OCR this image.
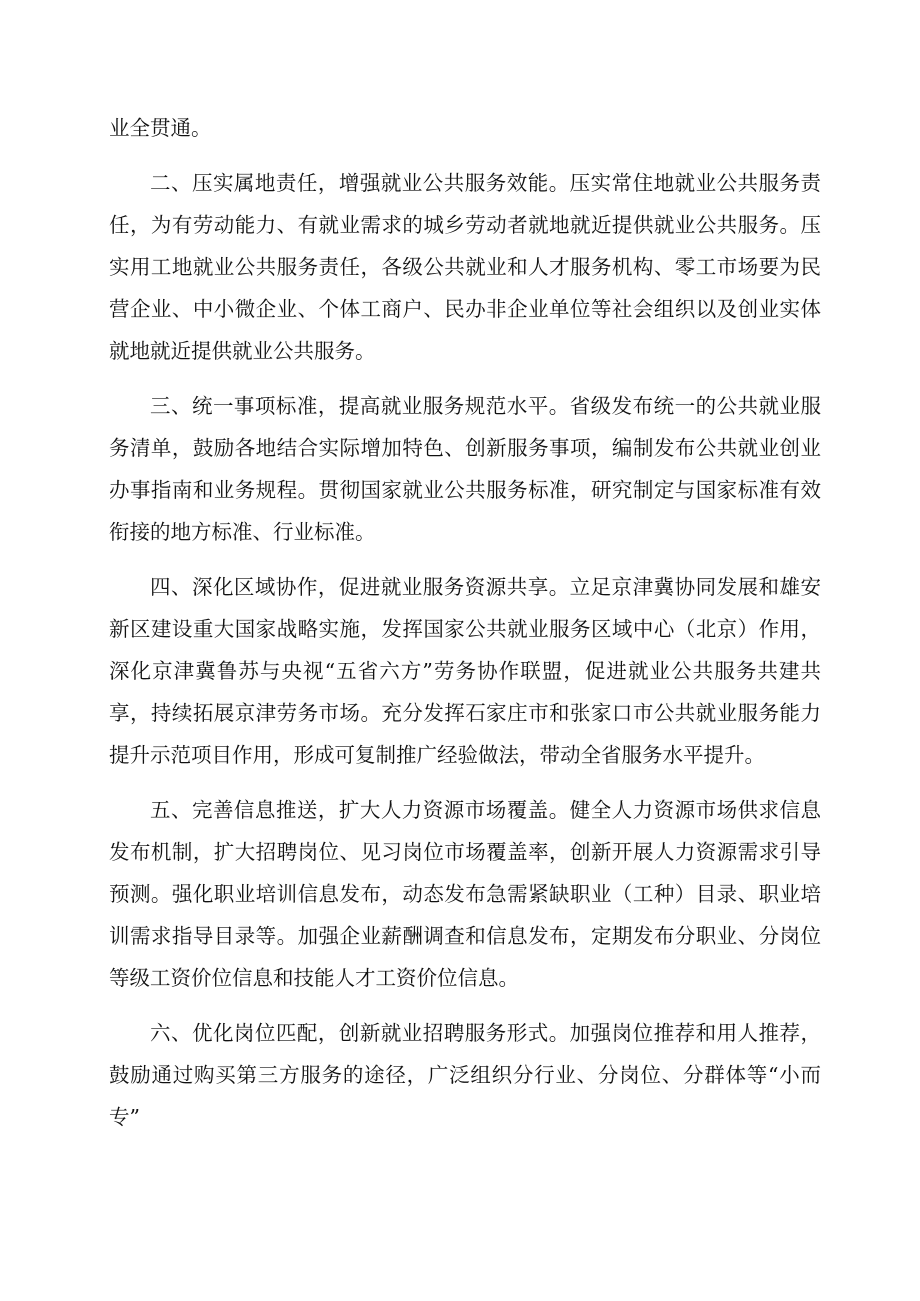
业全贯通。

二、压实属地责任，增强就业公共服务效能。压实常住地就业公共服务责任，为有劳动能力、有就业需求的城乡劳动者就地就近提供就业公共服务。压实用工地就业公共服务责任，各级公共就业和人才服务机构、零工市场要为民营企业、中小微企业、个体工商户、民办非企业单位等社会组织以及创业实体就地就近提供就业公共服务。

三、统一事项标准，提高就业服务规范水平。省级发布统一的公共就业服务清单，鼓励各地结合实际增加特色、创新服务事项，编制发布公共就业创业办事指南和业务规程。贯彻国家就业公共服务标准，研究制定与国家标准有效衔接的地方标准、行业标准。

四、深化区域协作，促进就业服务资源共享。立足京津冀协同发展和雄安新区建设重大国家战略实施，发挥国家公共就业服务区域中心（北京）作用，深化京津冀鲁苏与央视“五省六方”劳务协作联盟，促进就业公共服务共建共享，持续拓展京津劳务市场。充分发挥石家庄市和张家口市公共就业服务能力提升示范项目作用，形成可复制推广经验做法，带动全省服务水平提升。

五、完善信息推送，扩大人力资源市场覆盖。健全人力资源市场供求信息发布机制，扩大招聘岗位、见习岗位市场覆盖率，创新开展人力资源需求引导预测。强化职业培训信息发布，动态发布急需紧缺职业（工种）目录、职业培训需求指导目录等。加强企业薪酬调查和信息发布，定期发布分职业、分岗位等级工资价位信息和技能人才工资价位信息。

六、优化岗位匹配，创新就业招聘服务形式。加强岗位推荐和用人推荐，鼓励通过购买第三方服务的途径，广泛组织分行业、分岗位、分群体等“小而专”
